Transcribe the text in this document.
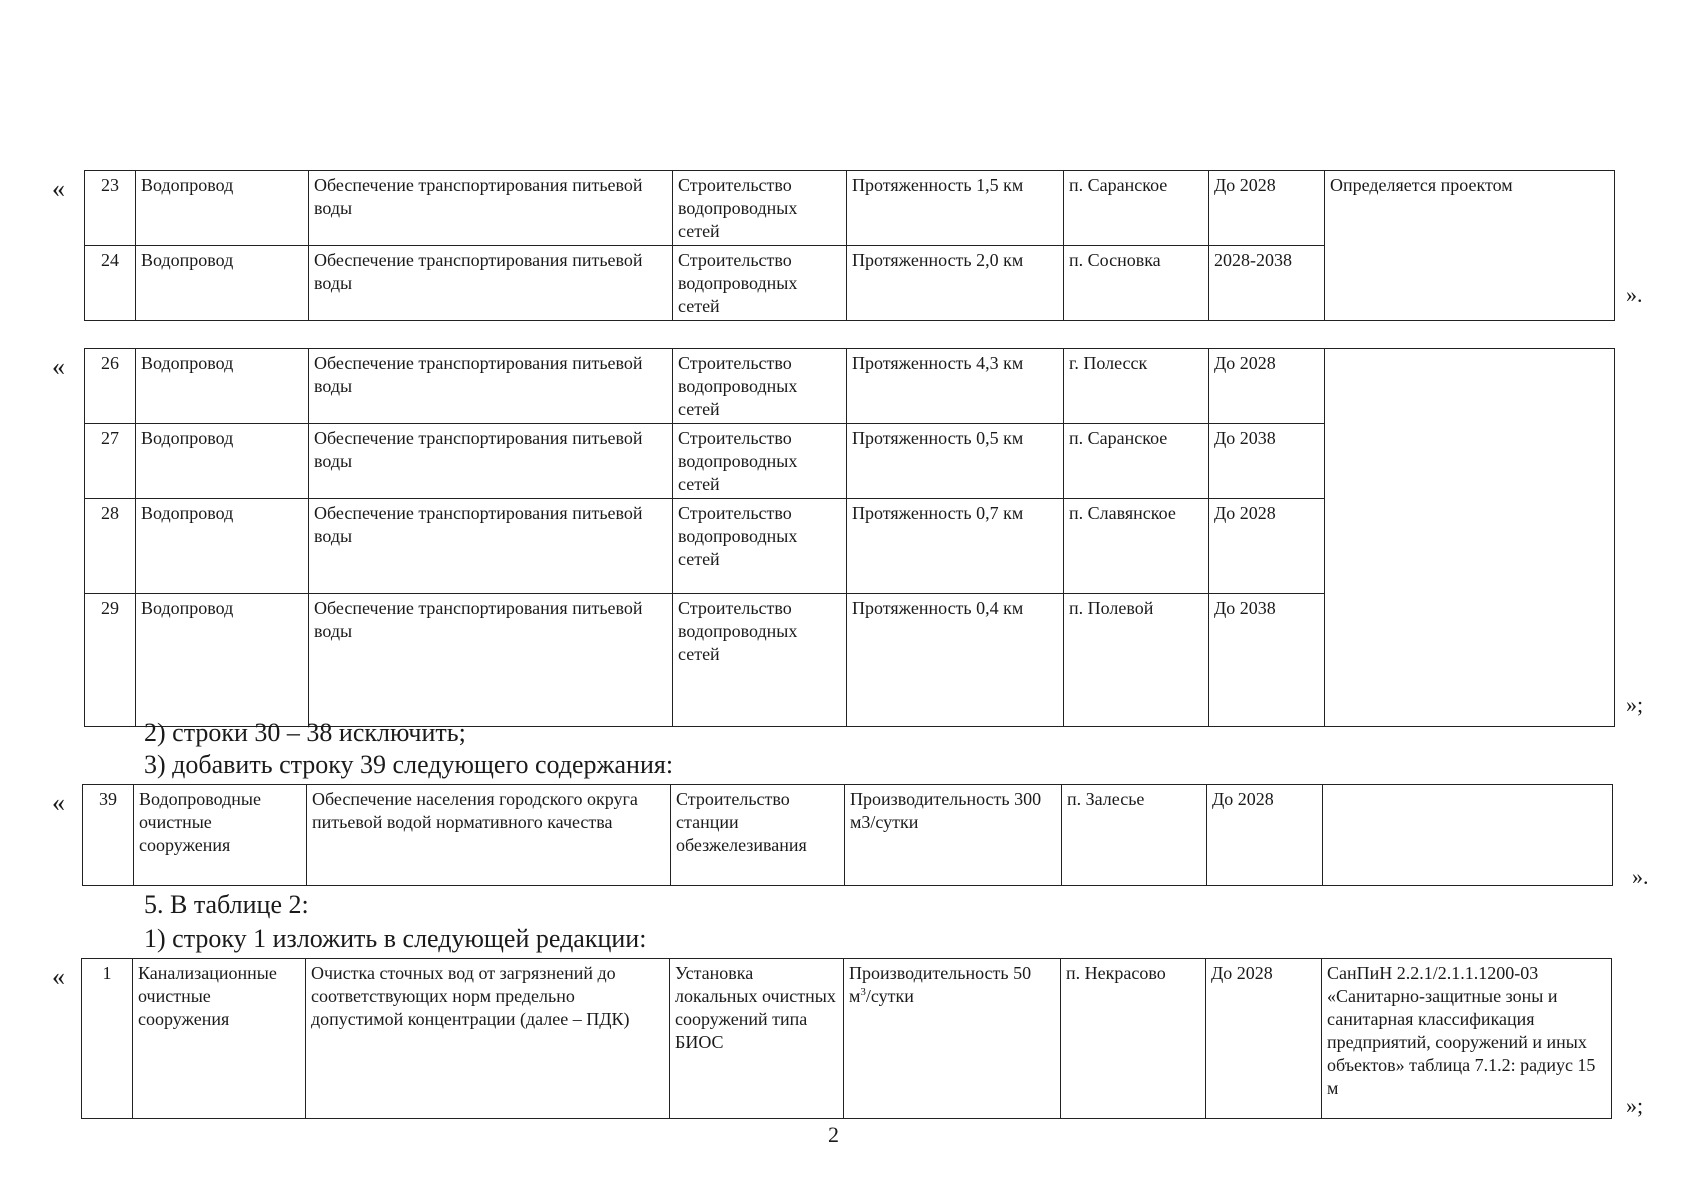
« 23	Водопровод	Обеспечение транспортирования питьевой воды	Строительство водопроводных сетей	Протяженность 1,5 км	п. Саранское	До 2028	Определяется проектом
24	Водопровод	Обеспечение транспортирования питьевой воды	Строительство водопроводных сетей	Протяженность 2,0 км	п. Сосновка	2028-2038	
».
« 26	Водопровод	Обеспечение транспортирования питьевой воды	Строительство водопроводных сетей	Протяженность 4,3 км	г. Полесск	До 2028	
27	Водопровод	Обеспечение транспортирования питьевой воды	Строительство водопроводных сетей	Протяженность 0,5 км	п. Саранское	До 2038	
28	Водопровод	Обеспечение транспортирования питьевой воды	Строительство водопроводных сетей	Протяженность 0,7 км	п. Славянское	До 2028	
29	Водопровод	Обеспечение транспортирования питьевой воды	Строительство водопроводных сетей	Протяженность 0,4 км	п. Полевой	До 2038	
»;
2) строки 30 – 38 исключить;
3) добавить строку 39 следующего содержания:
« 39	Водопроводные очистные сооружения	Обеспечение населения городского округа питьевой водой нормативного качества	Строительство станции обезжелезивания	Производительность 300 м3/сутки	п. Залесье	До 2028	
».
5. В таблице 2:
1) строку 1 изложить в следующей редакции:
« 1	Канализационные очистные сооружения	Очистка сточных вод от загрязнений до соответствующих норм предельно допустимой концентрации (далее – ПДК)	Установка локальных очистных сооружений типа БИОС	Производительность 50 $м^3$/сутки	п. Некрасово	До 2028	СанПиН 2.2.1/2.1.1.1200-03 «Санитарно-защитные зоны и санитарная классификация предприятий, сооружений и иных объектов» таблица 7.1.2: радиус 15 м
»;
2
